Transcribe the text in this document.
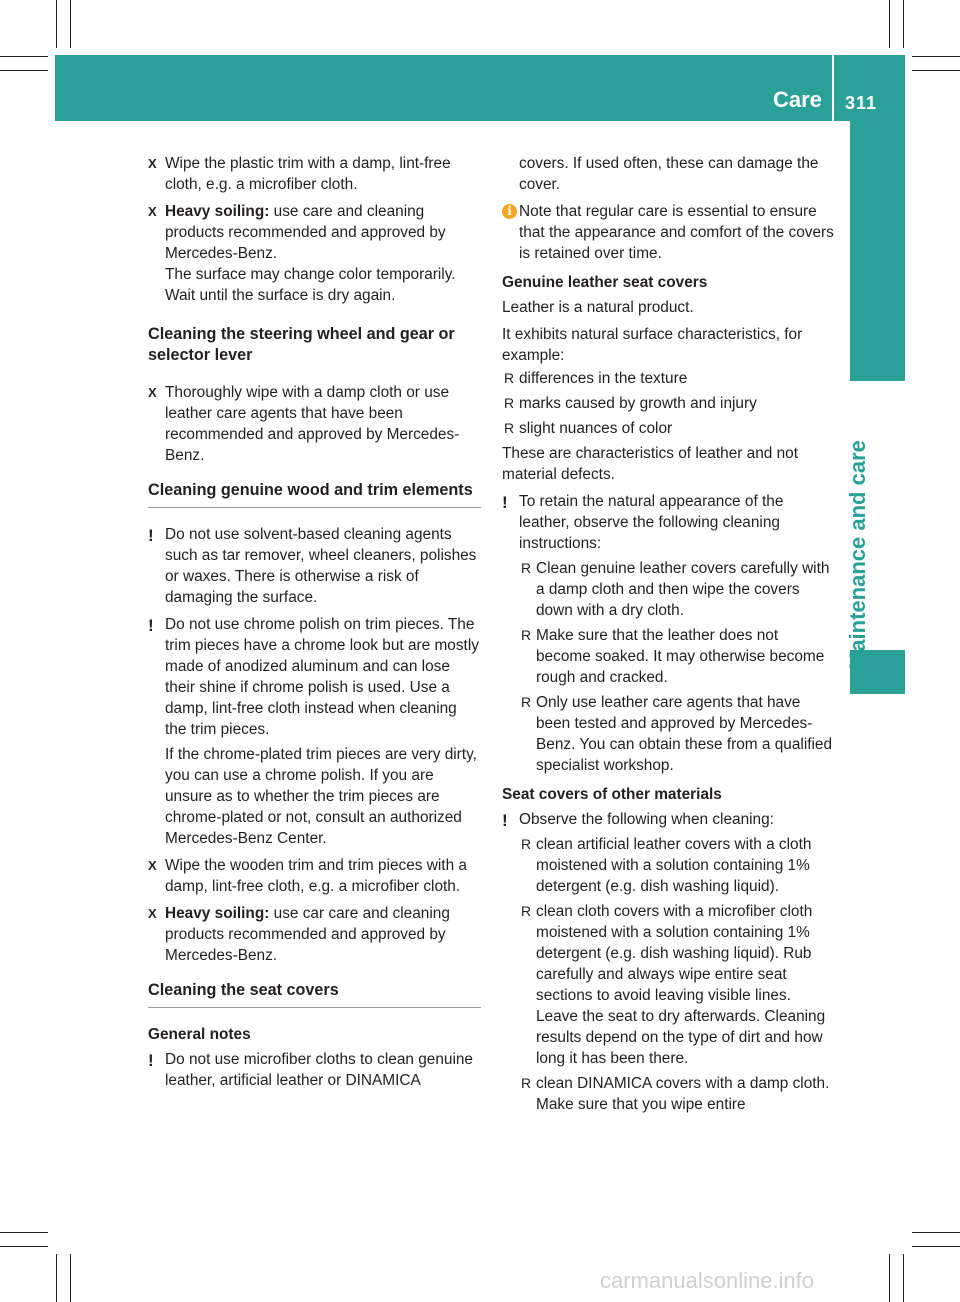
Care	311
Maintenance and care
X Wipe the plastic trim with a damp, lint-free cloth, e.g. a microfiber cloth.
X Heavy soiling: use care and cleaning products recommended and approved by Mercedes-Benz.
The surface may change color temporarily. Wait until the surface is dry again.
Cleaning the steering wheel and gear or selector lever
X Thoroughly wipe with a damp cloth or use leather care agents that have been recommended and approved by Mercedes-Benz.
Cleaning genuine wood and trim elements
! Do not use solvent-based cleaning agents such as tar remover, wheel cleaners, polishes or waxes. There is otherwise a risk of damaging the surface.
! Do not use chrome polish on trim pieces. The trim pieces have a chrome look but are mostly made of anodized aluminum and can lose their shine if chrome polish is used. Use a damp, lint-free cloth instead when cleaning the trim pieces.
If the chrome-plated trim pieces are very dirty, you can use a chrome polish. If you are unsure as to whether the trim pieces are chrome-plated or not, consult an authorized Mercedes-Benz Center.
X Wipe the wooden trim and trim pieces with a damp, lint-free cloth, e.g. a microfiber cloth.
X Heavy soiling: use car care and cleaning products recommended and approved by Mercedes-Benz.
Cleaning the seat covers
General notes
! Do not use microfiber cloths to clean genuine leather, artificial leather or DINAMICA
covers. If used often, these can damage the cover.
i Note that regular care is essential to ensure that the appearance and comfort of the covers is retained over time.
Genuine leather seat covers
Leather is a natural product.
It exhibits natural surface characteristics, for example:
R differences in the texture
R marks caused by growth and injury
R slight nuances of color
These are characteristics of leather and not material defects.
! To retain the natural appearance of the leather, observe the following cleaning instructions:
R Clean genuine leather covers carefully with a damp cloth and then wipe the covers down with a dry cloth.
R Make sure that the leather does not become soaked. It may otherwise become rough and cracked.
R Only use leather care agents that have been tested and approved by Mercedes-Benz. You can obtain these from a qualified specialist workshop.
Seat covers of other materials
! Observe the following when cleaning:
R clean artificial leather covers with a cloth moistened with a solution containing 1% detergent (e.g. dish washing liquid).
R clean cloth covers with a microfiber cloth moistened with a solution containing 1% detergent (e.g. dish washing liquid). Rub carefully and always wipe entire seat sections to avoid leaving visible lines. Leave the seat to dry afterwards. Cleaning results depend on the type of dirt and how long it has been there.
R clean DINAMICA covers with a damp cloth. Make sure that you wipe entire
carmanualsonline.info
